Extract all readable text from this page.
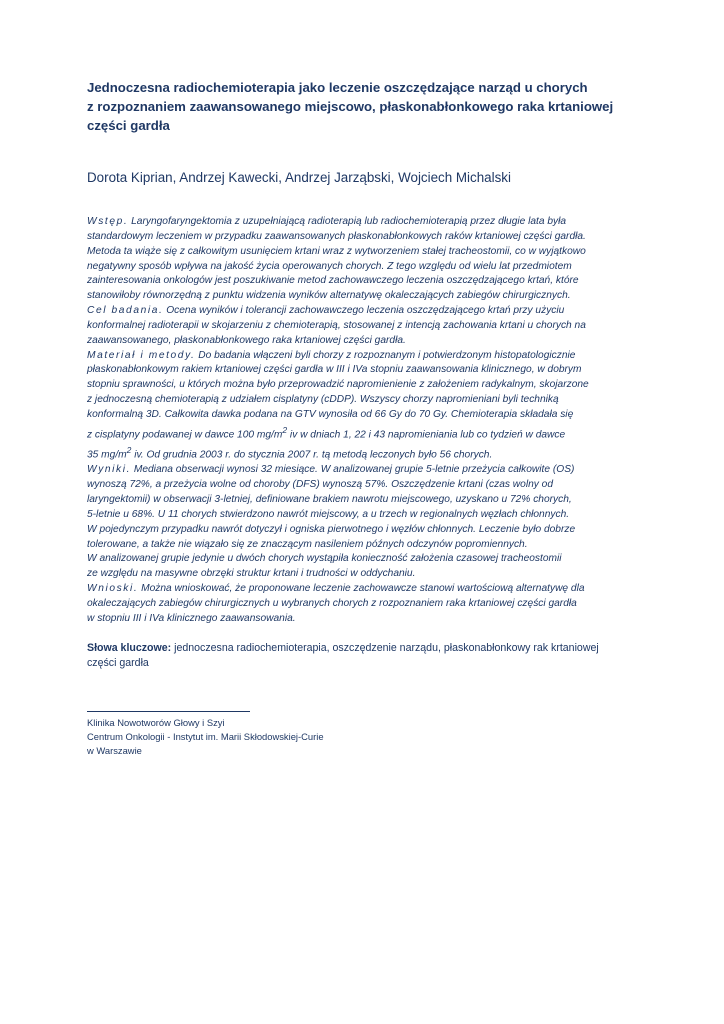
Jednoczesna radiochemioterapia jako leczenie oszczędzające narząd u chorych
z rozpoznaniem zaawansowanego miejscowo, płaskonabłonkowego raka krtaniowej
części gardła
Dorota Kiprian, Andrzej Kawecki, Andrzej Jarząbski, Wojciech Michalski
Wstęp. Laryngofaryngektomia z uzupełniającą radioterapią lub radiochemioterapią przez długie lata była
standardowym leczeniem w przypadku zaawansowanych płaskonabłonkowych raków krtaniowej części gardła.
Metoda ta wiąże się z całkowitym usunięciem krtani wraz z wytworzeniem stałej tracheostomii, co w wyjątkowo
negatywny sposób wpływa na jakość życia operowanych chorych. Z tego względu od wielu lat przedmiotem
zainteresowania onkologów jest poszukiwanie metod zachowawczego leczenia oszczędzającego krtań, które
stanowiłoby równorzędną z punktu widzenia wyników alternatywę okaleczających zabiegów chirurgicznych.
Cel badania. Ocena wyników i tolerancji zachowawczego leczenia oszczędzającego krtań przy użyciu
konformalnej radioterapii w skojarzeniu z chemioterapią, stosowanej z intencją zachowania krtani u chorych na
zaawansowanego, płaskonabłonkowego raka krtaniowej części gardła.
Materiał i metody. Do badania włączeni byli chorzy z rozpoznanym i potwierdzonym histopatologicznie
płaskonabłonkowym rakiem krtaniowej części gardła w III i IVa stopniu zaawansowania klinicznego, w dobrym
stopniu sprawności, u których można było przeprowadzić napromienienie z założeniem radykalnym, skojarzone
z jednoczesną chemioterapią z udziałem cisplatyny (cDDP). Wszyscy chorzy napromieniani byli techniką
konformalną 3D. Całkowita dawka podana na GTV wynosiła od 66 Gy do 70 Gy. Chemioterapia składała się
z cisplatyny podawanej w dawce 100 $mg/m^2$ iv w dniach 1, 22 i 43 napromieniania lub co tydzień w dawce
35 $mg/m^2$ iv. Od grudnia 2003 r. do stycznia 2007 r. tą metodą leczonych było 56 chorych.
Wyniki. Mediana obserwacji wynosi 32 miesiące. W analizowanej grupie 5-letnie przeżycia całkowite (OS)
wynoszą 72%, a przeżycia wolne od choroby (DFS) wynoszą 57%. Oszczędzenie krtani (czas wolny od
laryngektomii) w obserwacji 3-letniej, definiowane brakiem nawrotu miejscowego, uzyskano u 72% chorych,
5-letnie u 68%. U 11 chorych stwierdzono nawrót miejscowy, a u trzech w regionalnych węzłach chłonnych.
W pojedynczym przypadku nawrót dotyczył i ogniska pierwotnego i węzłów chłonnych. Leczenie było dobrze
tolerowane, a także nie wiązało się ze znaczącym nasileniem późnych odczynów popromiennych.
W analizowanej grupie jedynie u dwóch chorych wystąpiła konieczność założenia czasowej tracheostomii
ze względu na masywne obrzęki struktur krtani i trudności w oddychaniu.
Wnioski. Można wnioskować, że proponowane leczenie zachowawcze stanowi wartościową alternatywę dla
okaleczających zabiegów chirurgicznych u wybranych chorych z rozpoznaniem raka krtaniowej części gardła
w stopniu III i IVa klinicznego zaawansowania.
Słowa kluczowe: jednoczesna radiochemioterapia, oszczędzenie narządu, płaskonabłonkowy rak krtaniowej
części gardła
Klinika Nowotworów Głowy i Szyi
Centrum Onkologii - Instytut im. Marii Skłodowskiej-Curie
w Warszawie
